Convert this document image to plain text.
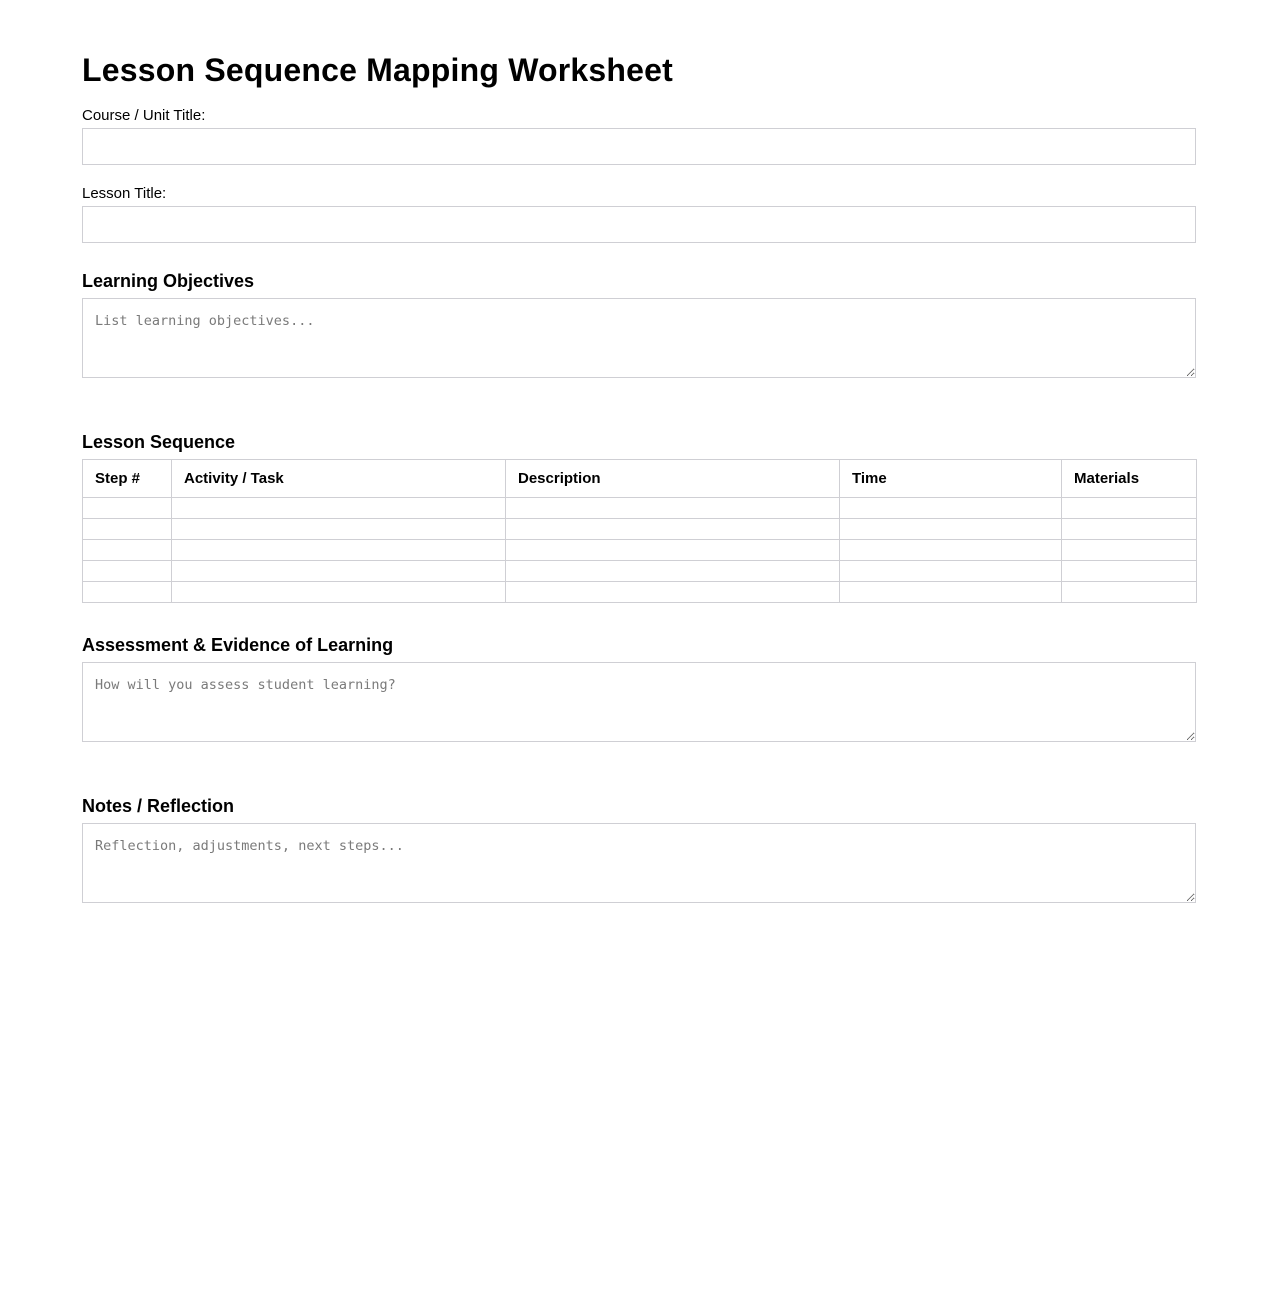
Lesson Sequence Mapping Worksheet
Course / Unit Title:
Lesson Title:
Learning Objectives
List learning objectives...
Lesson Sequence
Step #	Activity / Task	Description	Time	Materials

Assessment & Evidence of Learning
How will you assess student learning?
Notes / Reflection
Reflection, adjustments, next steps...
